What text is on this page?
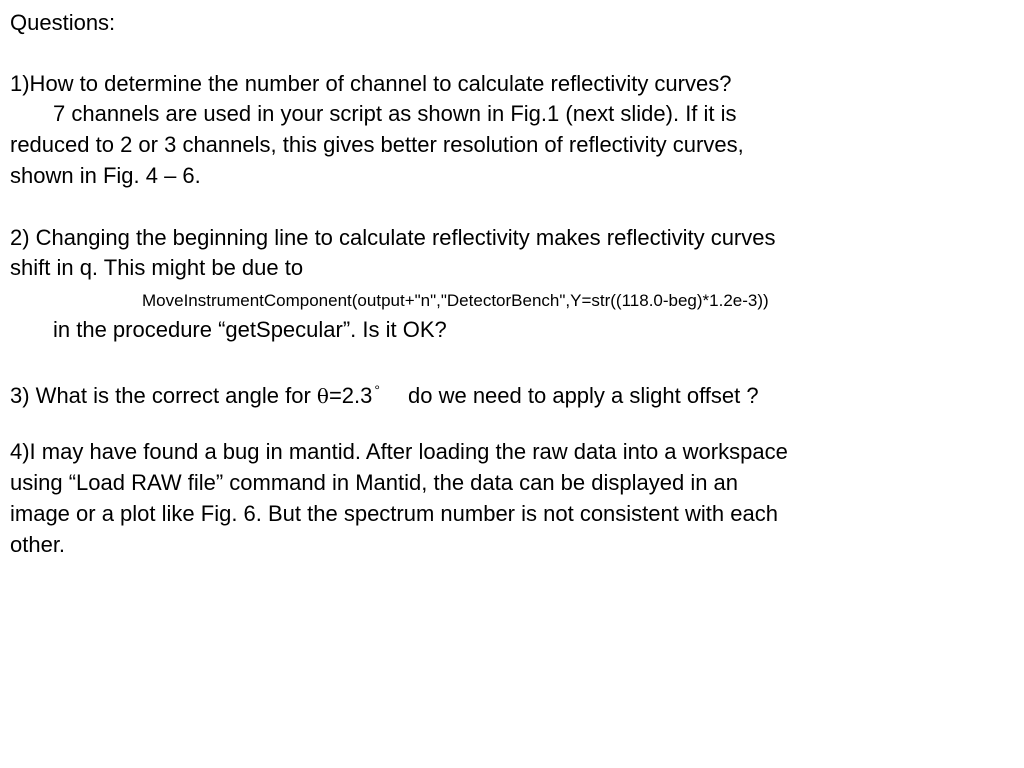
Questions:
1)How to determine the number of channel to calculate reflectivity curves?
7 channels are used in your script as shown in Fig.1 (next slide). If it is
reduced to 2 or 3 channels, this gives better resolution of reflectivity curves,
shown in Fig. 4 – 6.
2) Changing the beginning line to calculate reflectivity makes reflectivity curves
shift in q. This might be due to
MoveInstrumentComponent(output+"n","DetectorBench",Y=str((118.0-beg)*1.2e-3))
in the procedure “getSpecular”. Is it OK?
3) What is the correct angle for θ=2.3 ° do we need to apply a slight offset ?
4)I may have found a bug in mantid. After loading the raw data into a workspace
using “Load RAW file” command in Mantid, the data can be displayed in an
image or a plot like Fig. 6. But the spectrum number is not consistent with each
other.
